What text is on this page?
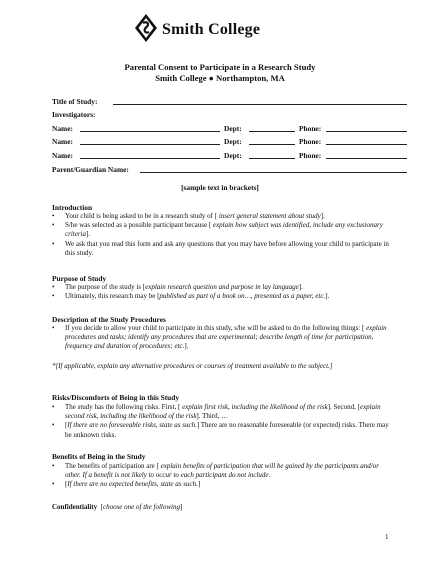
Smith College
Parental Consent to Participate in a Research Study
Smith College ● Northampton, MA
Title of Study:
Investigators:
Name:	Dept:	Phone:
Name:	Dept:	Phone:
Name:	Dept:	Phone:
Parent/Guardian Name:
[sample text in brackets]
Introduction
• Your child is being asked to be in a research study of [ insert general statement about study].
• S/he was selected as a possible participant because [ explain how subject was identified, include any exclusionary criteria].
• We ask that you read this form and ask any questions that you may have before allowing your child to participate in this study.
Purpose of Study
• The purpose of the study is [explain research question and purpose in lay language].
• Ultimately, this research may be [published as part of a book on…, presented as a paper, etc.].
Description of the Study Procedures
• If you decide to allow your child to participate in this study, s/he will be asked to do the following things: [ explain procedures and tasks; identify any procedures that are experimental; describe length of time for participation, frequency and duration of procedures; etc.].
*[If applicable, explain any alternative procedures or courses of treatment available to the subject.]
Risks/Discomforts of Being in this Study
• The study has the following risks. First, [ explain first risk, including the likelihood of the risk]. Second, [explain second risk, including the likelihood of the risk]. Third, …
• [If there are no foreseeable risks, state as such.] There are no reasonable foreseeable (or expected) risks. There may be unknown risks.
Benefits of Being in the Study
• The benefits of participation are [ explain benefits of participation that will be gained by the participants and/or other. If a benefit is not likely to occur to each participant do not include.
• [If there are no expected benefits, state as such.]
Confidentiality [choose one of the following]
1
